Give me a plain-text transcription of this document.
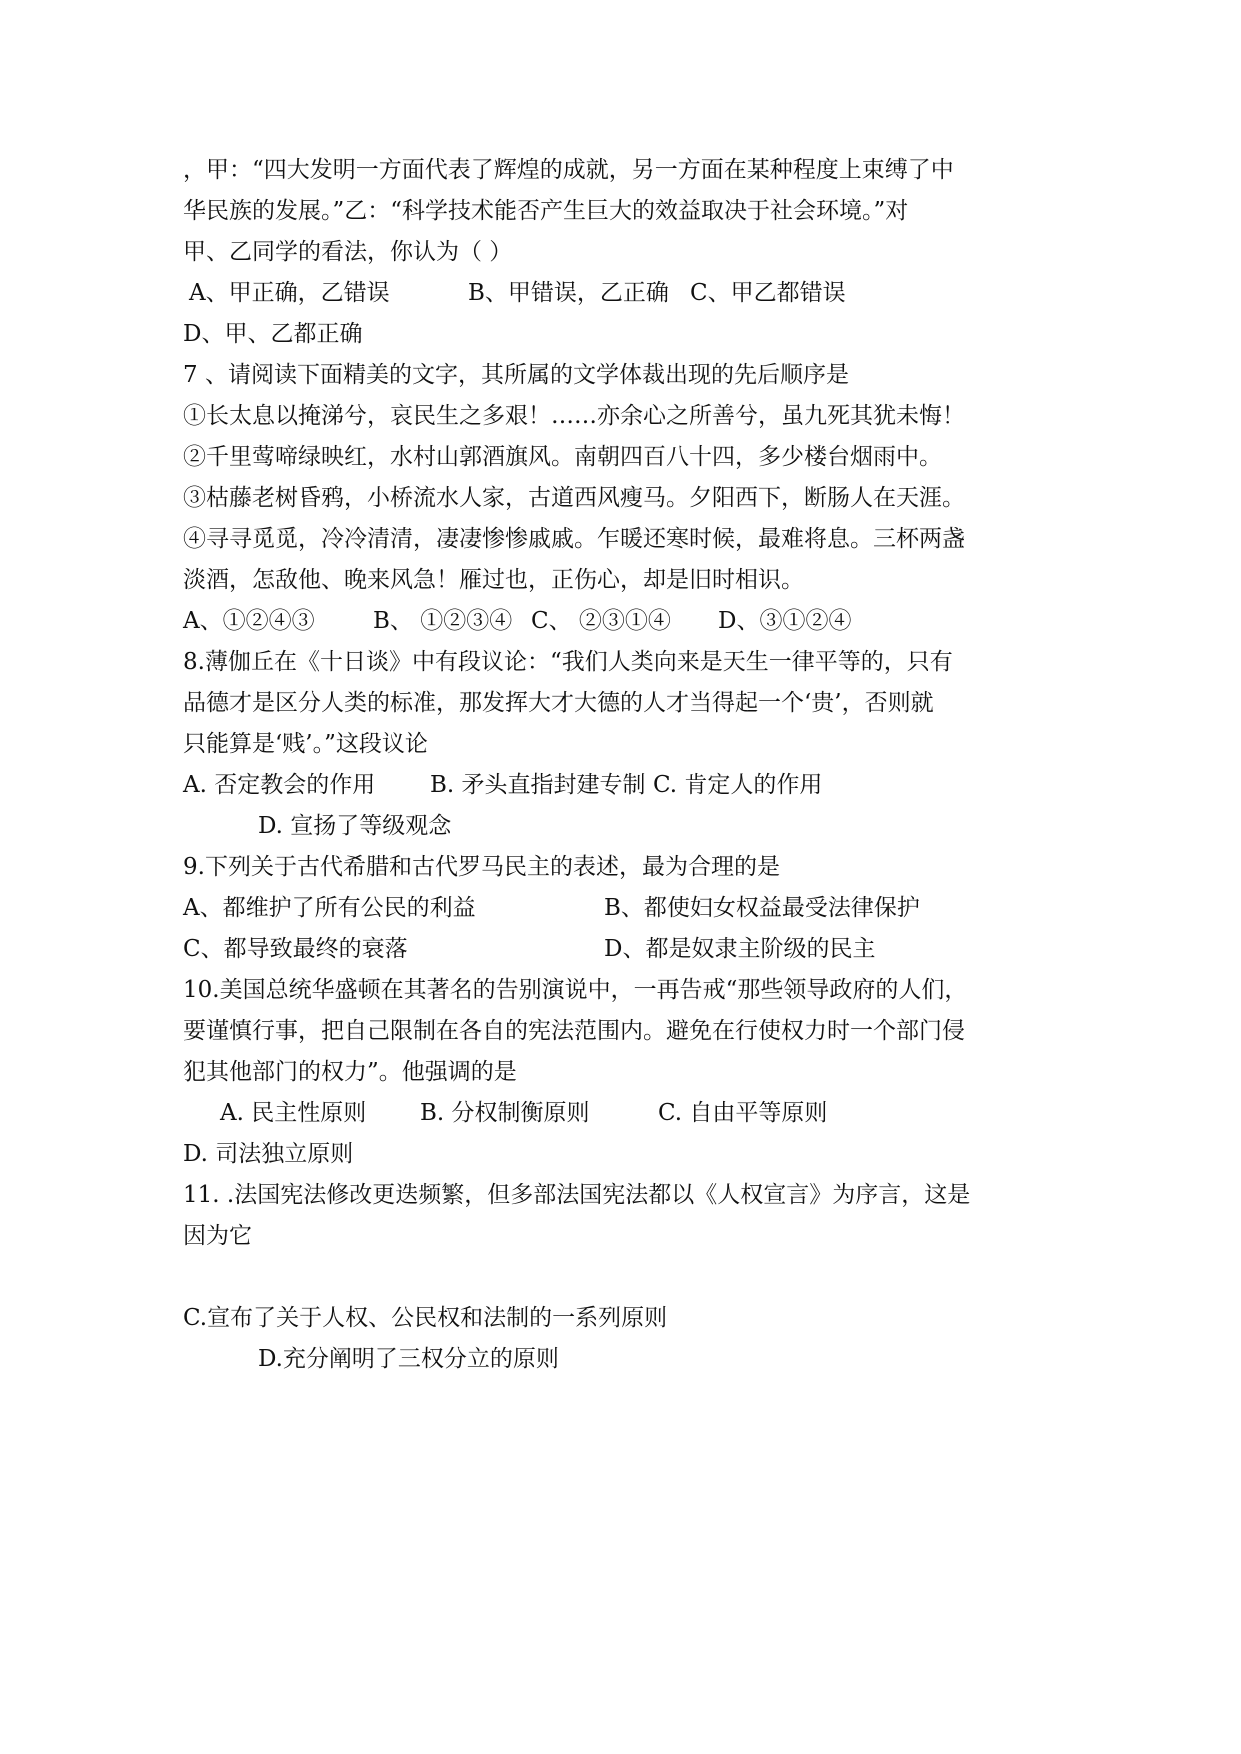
，甲：“四大发明一方面代表了辉煌的成就，另一方面在某种程度上束缚了中
华民族的发展。”乙：“科学技术能否产生巨大的效益取决于社会环境。”对
甲、乙同学的看法，你认为（ ）
A、甲正确，乙错误	B、甲错误，乙正确 C、甲乙都错误
D、甲、乙都正确
7 、请阅读下面精美的文字，其所属的文学体裁出现的先后顺序是
①长太息以掩涕兮，哀民生之多艰！……亦余心之所善兮，虽九死其犹未悔！
②千里莺啼绿映红，水村山郭酒旗风。南朝四百八十四，多少楼台烟雨中。
③枯藤老树昏鸦，小桥流水人家，古道西风瘦马。夕阳西下，断肠人在天涯。
④寻寻觅觅，冷冷清清，凄凄惨惨戚戚。乍暖还寒时候，最难将息。三杯两盏
淡酒，怎敌他、晚来风急！雁过也，正伤心，却是旧时相识。
A、①②④③	B、 ①②③④ C、 ②③①④ D、③①②④
8.薄伽丘在《十日谈》中有段议论：“我们人类向来是天生一律平等的，只有
品德才是区分人类的标准，那发挥大才大德的人才当得起一个‘贵’，否则就
只能算是‘贱’。”这段议论
A. 否定教会的作用 B. 矛头直指封建专制 C. 肯定人的作用
D. 宣扬了等级观念
9.下列关于古代希腊和古代罗马民主的表述，最为合理的是
A、都维护了所有公民的利益	B、都使妇女权益最受法律保护
C、都导致最终的衰落	D、都是奴隶主阶级的民主
10.美国总统华盛顿在其著名的告别演说中，一再告戒“那些领导政府的人们，
要谨慎行事，把自己限制在各自的宪法范围内。避免在行使权力时一个部门侵
犯其他部门的权力”。他强调的是
A. 民主性原则 B. 分权制衡原则	C. 自由平等原则
D. 司法独立原则
11. .法国宪法修改更迭频繁，但多部法国宪法都以《人权宣言》为序言，这是
因为它
C.宣布了关于人权、公民权和法制的一系列原则
D.充分阐明了三权分立的原则
